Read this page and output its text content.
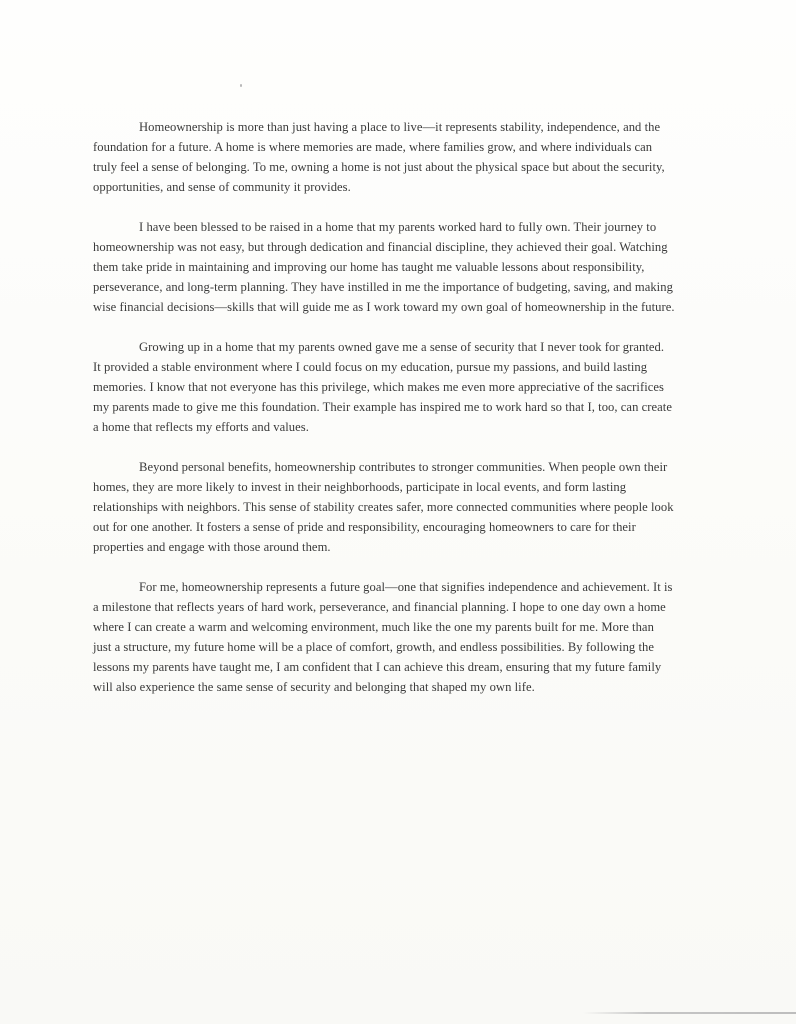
Homeownership is more than just having a place to live—it represents stability, independence, and the foundation for a future. A home is where memories are made, where families grow, and where individuals can truly feel a sense of belonging. To me, owning a home is not just about the physical space but about the security, opportunities, and sense of community it provides.

I have been blessed to be raised in a home that my parents worked hard to fully own. Their journey to homeownership was not easy, but through dedication and financial discipline, they achieved their goal. Watching them take pride in maintaining and improving our home has taught me valuable lessons about responsibility, perseverance, and long-term planning. They have instilled in me the importance of budgeting, saving, and making wise financial decisions—skills that will guide me as I work toward my own goal of homeownership in the future.

Growing up in a home that my parents owned gave me a sense of security that I never took for granted. It provided a stable environment where I could focus on my education, pursue my passions, and build lasting memories. I know that not everyone has this privilege, which makes me even more appreciative of the sacrifices my parents made to give me this foundation. Their example has inspired me to work hard so that I, too, can create a home that reflects my efforts and values.

Beyond personal benefits, homeownership contributes to stronger communities. When people own their homes, they are more likely to invest in their neighborhoods, participate in local events, and form lasting relationships with neighbors. This sense of stability creates safer, more connected communities where people look out for one another. It fosters a sense of pride and responsibility, encouraging homeowners to care for their properties and engage with those around them.

For me, homeownership represents a future goal—one that signifies independence and achievement. It is a milestone that reflects years of hard work, perseverance, and financial planning. I hope to one day own a home where I can create a warm and welcoming environment, much like the one my parents built for me. More than just a structure, my future home will be a place of comfort, growth, and endless possibilities. By following the lessons my parents have taught me, I am confident that I can achieve this dream, ensuring that my future family will also experience the same sense of security and belonging that shaped my own life.
